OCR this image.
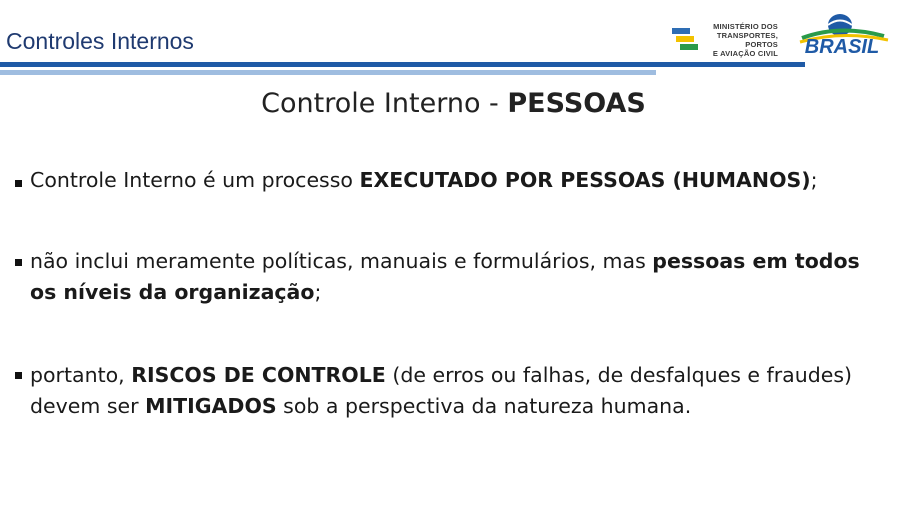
Controles Internos
MINISTÉRIO DOS
TRANSPORTES, PORTOS
E AVIAÇÃO CIVIL BRASIL
Controle Interno - PESSOAS
Controle Interno é um processo EXECUTADO POR PESSOAS (HUMANOS);
não inclui meramente políticas, manuais e formulários, mas pessoas em todos os níveis da organização;
portanto, RISCOS DE CONTROLE (de erros ou falhas, de desfalques e fraudes) devem ser MITIGADOS sob a perspectiva da natureza humana.
